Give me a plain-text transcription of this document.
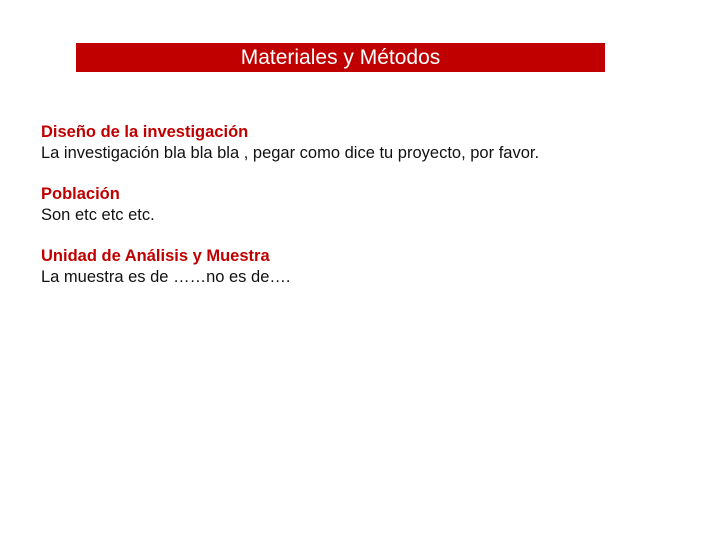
Materiales y Métodos
Diseño de la investigación
La investigación bla bla bla , pegar como dice tu proyecto, por favor.
Población
Son etc etc etc.
Unidad de Análisis y Muestra
La muestra es de ……no es de….
